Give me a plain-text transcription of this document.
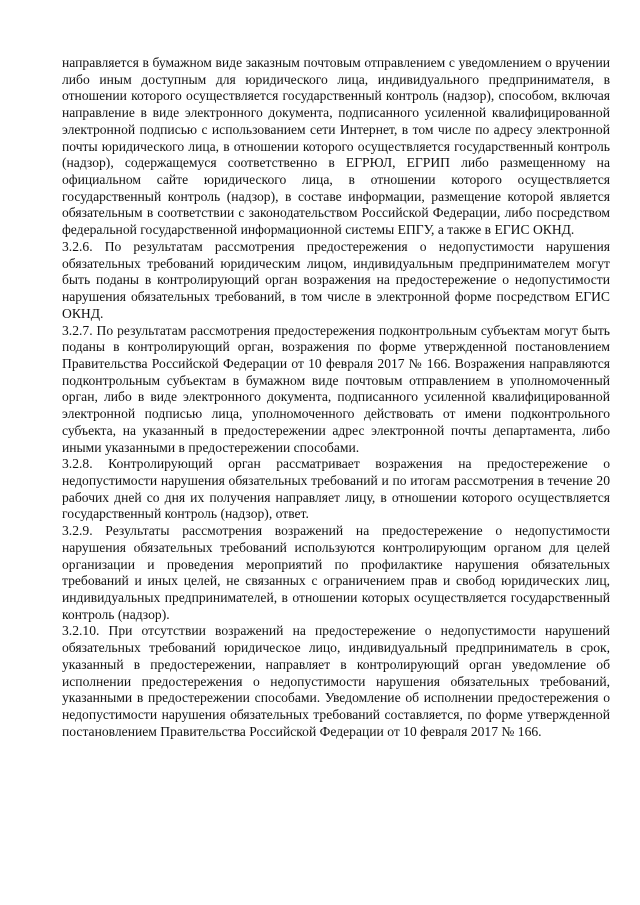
направляется в бумажном виде заказным почтовым отправлением с уведомлением о вручении либо иным доступным для юридического лица, индивидуального предпринимателя, в отношении которого осуществляется государственный контроль (надзор), способом, включая направление в виде электронного документа, подписанного усиленной квалифицированной электронной подписью с использованием сети Интернет, в том числе по адресу электронной почты юридического лица, в отношении которого осуществляется государственный контроль (надзор), содержащемуся соответственно в ЕГРЮЛ, ЕГРИП либо размещенному на официальном сайте юридического лица, в отношении которого осуществляется государственный контроль (надзор), в составе информации, размещение которой является обязательным в соответствии с законодательством Российской Федерации, либо посредством федеральной государственной информационной системы ЕПГУ, а также в ЕГИС ОКНД.

3.2.6. По результатам рассмотрения предостережения о недопустимости нарушения обязательных требований юридическим лицом, индивидуальным предпринимателем могут быть поданы в контролирующий орган возражения на предостережение о недопустимости нарушения обязательных требований, в том числе в электронной форме посредством ЕГИС ОКНД.

3.2.7. По результатам рассмотрения предостережения подконтрольным субъектам могут быть поданы в контролирующий орган, возражения по форме утвержденной постановлением Правительства Российской Федерации от 10 февраля 2017 № 166. Возражения направляются подконтрольным субъектам в бумажном виде почтовым отправлением в уполномоченный орган, либо в виде электронного документа, подписанного усиленной квалифицированной электронной подписью лица, уполномоченного действовать от имени подконтрольного субъекта, на указанный в предостережении адрес электронной почты департамента, либо иными указанными в предостережении способами.

3.2.8. Контролирующий орган рассматривает возражения на предостережение о недопустимости нарушения обязательных требований и по итогам рассмотрения в течение 20 рабочих дней со дня их получения направляет лицу, в отношении которого осуществляется государственный контроль (надзор), ответ.

3.2.9. Результаты рассмотрения возражений на предостережение о недопустимости нарушения обязательных требований используются контролирующим органом для целей организации и проведения мероприятий по профилактике нарушения обязательных требований и иных целей, не связанных с ограничением прав и свобод юридических лиц, индивидуальных предпринимателей, в отношении которых осуществляется государственный контроль (надзор).

3.2.10. При отсутствии возражений на предостережение о недопустимости нарушений обязательных требований юридическое лицо, индивидуальный предприниматель в срок, указанный в предостережении, направляет в контролирующий орган уведомление об исполнении предостережения о недопустимости нарушения обязательных требований, указанными в предостережении способами. Уведомление об исполнении предостережения о недопустимости нарушения обязательных требований составляется, по форме утвержденной постановлением Правительства Российской Федерации от 10 февраля 2017 № 166.
